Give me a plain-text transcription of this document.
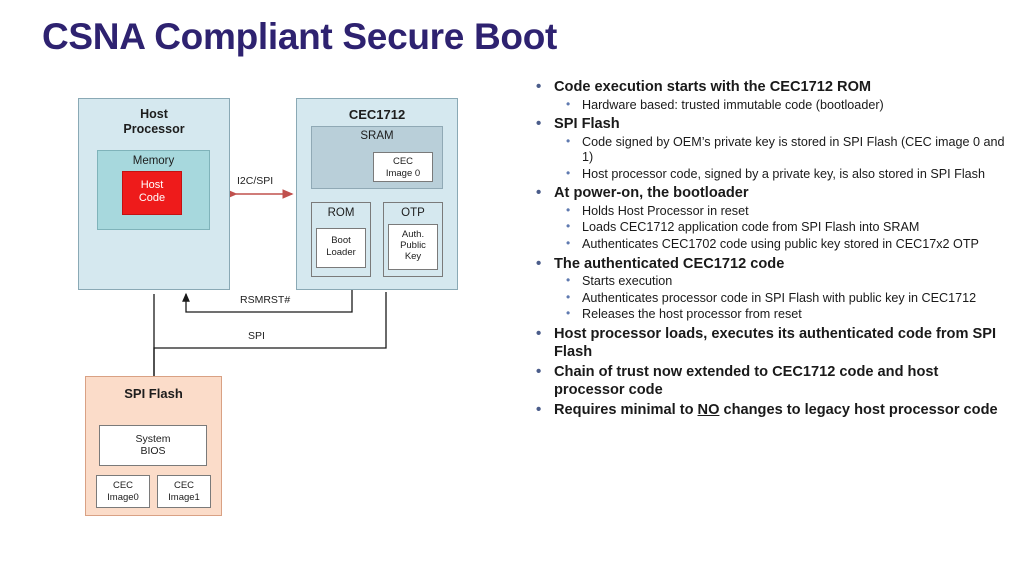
CSNA Compliant Secure Boot
Host
Processor
Memory
Host
Code
CEC1712
SRAM
CEC
Image 0
ROM
Boot
Loader
OTP
Auth.
Public
Key
SPI Flash
System
BIOS
CEC
Image0
CEC
Image1
I2C/SPI
RSMRST#
SPI
• Code execution starts with the CEC1712 ROM
• Hardware based: trusted immutable code (bootloader)
• SPI Flash
• Code signed by OEM’s private key is stored in SPI Flash (CEC image 0 and 1)
• Host processor code, signed by a private key, is also stored in SPI Flash
• At power-on, the bootloader
• Holds Host Processor in reset
• Loads CEC1712 application code from SPI Flash into SRAM
• Authenticates CEC1702 code using public key stored in CEC17x2 OTP
• The authenticated CEC1712 code
• Starts execution
• Authenticates processor code in SPI Flash with public key in CEC1712
• Releases the host processor from reset
• Host processor loads, executes its authenticated code from SPI Flash
• Chain of trust now extended to CEC1712 code and host processor code
• Requires minimal to NO changes to legacy host processor code
